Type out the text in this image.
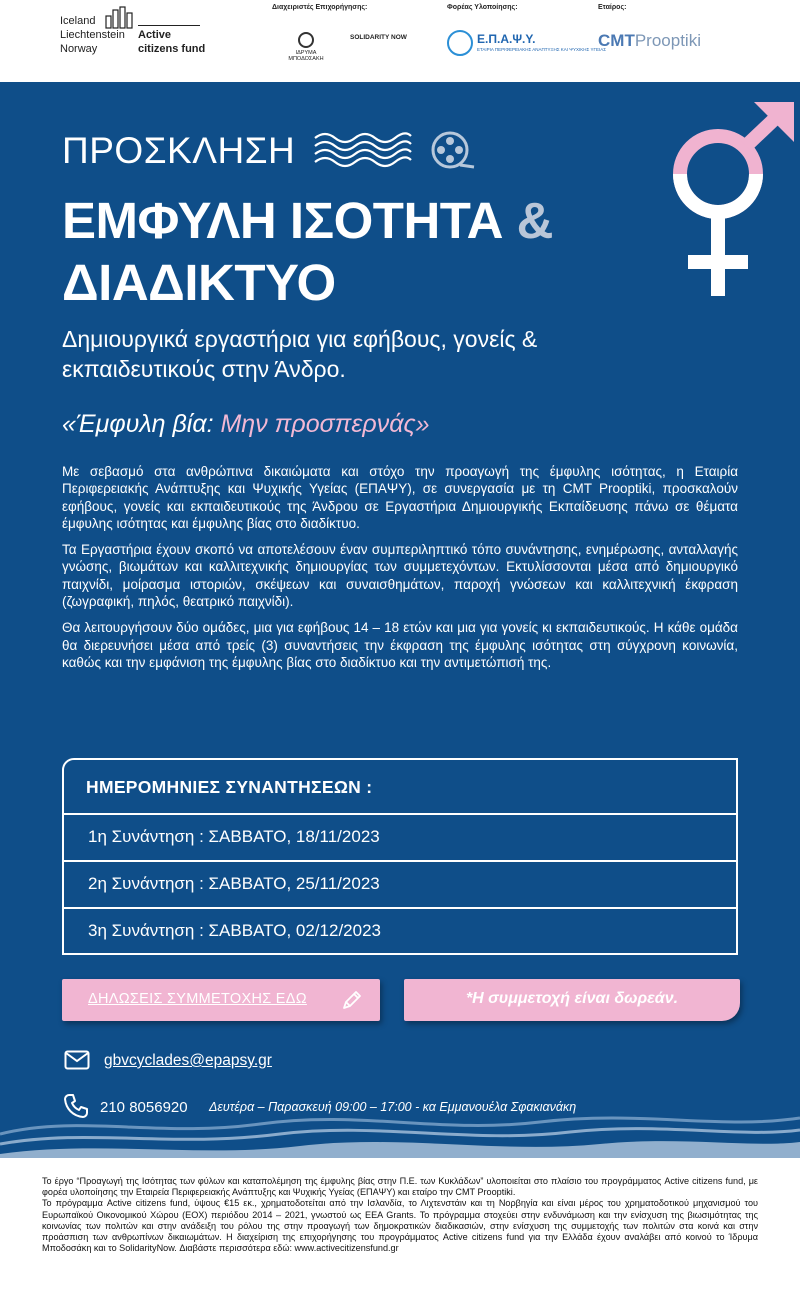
Iceland
Liechtenstein
Norway
Active
citizens fund
Διαχειριστές Επιχορήγησης:	Φορέας Υλοποίησης:	Εταίρος:
ΙΔΡΥΜΑ ΜΠΟΔΟΣΑΚΗ
SOLIDARITY NOW	Ε.Π.Α.Ψ.Υ.
ΕΤΑΙΡΙΑ ΠΕΡΙΦΕΡΕΙΑΚΗΣ ΑΝΑΠΤΥΞΗΣ ΚΑΙ ΨΥΧΙΚΗΣ ΥΓΕΙΑΣ
CMTProoptiki
ΠΡΟΣΚΛΗΣΗ
ΕΜΦΥΛΗ ΙΣΟΤΗΤΑ &
ΔΙΑΔΙΚΤΥΟ
Δημιουργικά εργαστήρια για εφήβους, γονείς & εκπαιδευτικούς στην Άνδρο.
«Έμφυλη βία: Μην προσπερνάς»

Με σεβασμό στα ανθρώπινα δικαιώματα και στόχο την προαγωγή της έμφυλης ισότητας, η Εταιρία Περιφερειακής Ανάπτυξης και Ψυχικής Υγείας (ΕΠΑΨΥ), σε συνεργασία με τη CMT Prooptiki, προσκαλούν εφήβους, γονείς και εκπαιδευτικούς της Άνδρου σε Εργαστήρια Δημιουργικής Εκπαίδευσης πάνω σε θέματα έμφυλης ισότητας και έμφυλης βίας στο διαδίκτυο.

Τα Εργαστήρια έχουν σκοπό να αποτελέσουν έναν συμπεριληπτικό τόπο συνάντησης, ενημέρωσης, ανταλλαγής γνώσης, βιωμάτων και καλλιτεχνικής δημιουργίας των συμμετεχόντων. Εκτυλίσσονται μέσα από δημιουργικό παιχνίδι, μοίρασμα ιστοριών, σκέψεων και συναισθημάτων, παροχή γνώσεων και καλλιτεχνική έκφραση (ζωγραφική, πηλός, θεατρικό παιχνίδι).

Θα λειτουργήσουν δύο ομάδες, μια για εφήβους 14 – 18 ετών και μια για γονείς κι εκπαιδευτικούς. Η κάθε ομάδα θα διερευνήσει μέσα από τρείς (3) συναντήσεις την έκφραση της έμφυλης ισότητας στη σύγχρονη κοινωνία, καθώς και την εμφάνιση της έμφυλης βίας στο διαδίκτυο και την αντιμετώπισή της.

ΗΜΕΡΟΜΗΝΙΕΣ ΣΥΝΑΝΤΗΣΕΩΝ :
1η Συνάντηση : ΣΑΒΒΑΤΟ, 18/11/2023
2η Συνάντηση : ΣΑΒΒΑΤΟ, 25/11/2023
3η Συνάντηση : ΣΑΒΒΑΤΟ, 02/12/2023
ΔΗΛΩΣΕΙΣ ΣΥΜΜΕΤΟΧΗΣ ΕΔΩ	*Η συμμετοχή είναι δωρεάν.
gbvcyclades@epapsy.gr
210 8056920 Δευτέρα – Παρασκευή 09:00 – 17:00 - κα Εμμανουέλα Σφακιανάκη
Το έργο “Προαγωγή της Ισότητας των φύλων και καταπολέμηση της έμφυλης βίας στην Π.Ε. των Κυκλάδων” υλοποιείται στο πλαίσιο του προγράμματος Active citizens fund, με φορέα υλοποίησης την Εταιρεία Περιφερειακής Ανάπτυξης και Ψυχικής Υγείας (ΕΠΑΨΥ) και εταίρο την CMT Prooptiki.
Το πρόγραμμα Active citizens fund, ύψους €15 εκ., χρηματοδοτείται από την Ισλανδία, το Λιχτενστάιν και τη Νορβηγία και είναι μέρος του χρηματοδοτικού μηχανισμού του Ευρωπαϊκού Οικονομικού Χώρου (ΕΟΧ) περιόδου 2014 – 2021, γνωστού ως EEA Grants. Το πρόγραμμα στοχεύει στην ενδυνάμωση και την ενίσχυση της βιωσιμότητας της κοινωνίας των πολιτών και στην ανάδειξη του ρόλου της στην προαγωγή των δημοκρατικών διαδικασιών, στην ενίσχυση της συμμετοχής των πολιτών στα κοινά και στην προάσπιση των ανθρωπίνων δικαιωμάτων. Η διαχείριση της επιχορήγησης του προγράμματος Active citizens fund για την Ελλάδα έχουν αναλάβει από κοινού το Ίδρυμα Μποδοσάκη και το SolidarityNow. Διαβάστε περισσότερα εδώ: www.activecitizensfund.gr
